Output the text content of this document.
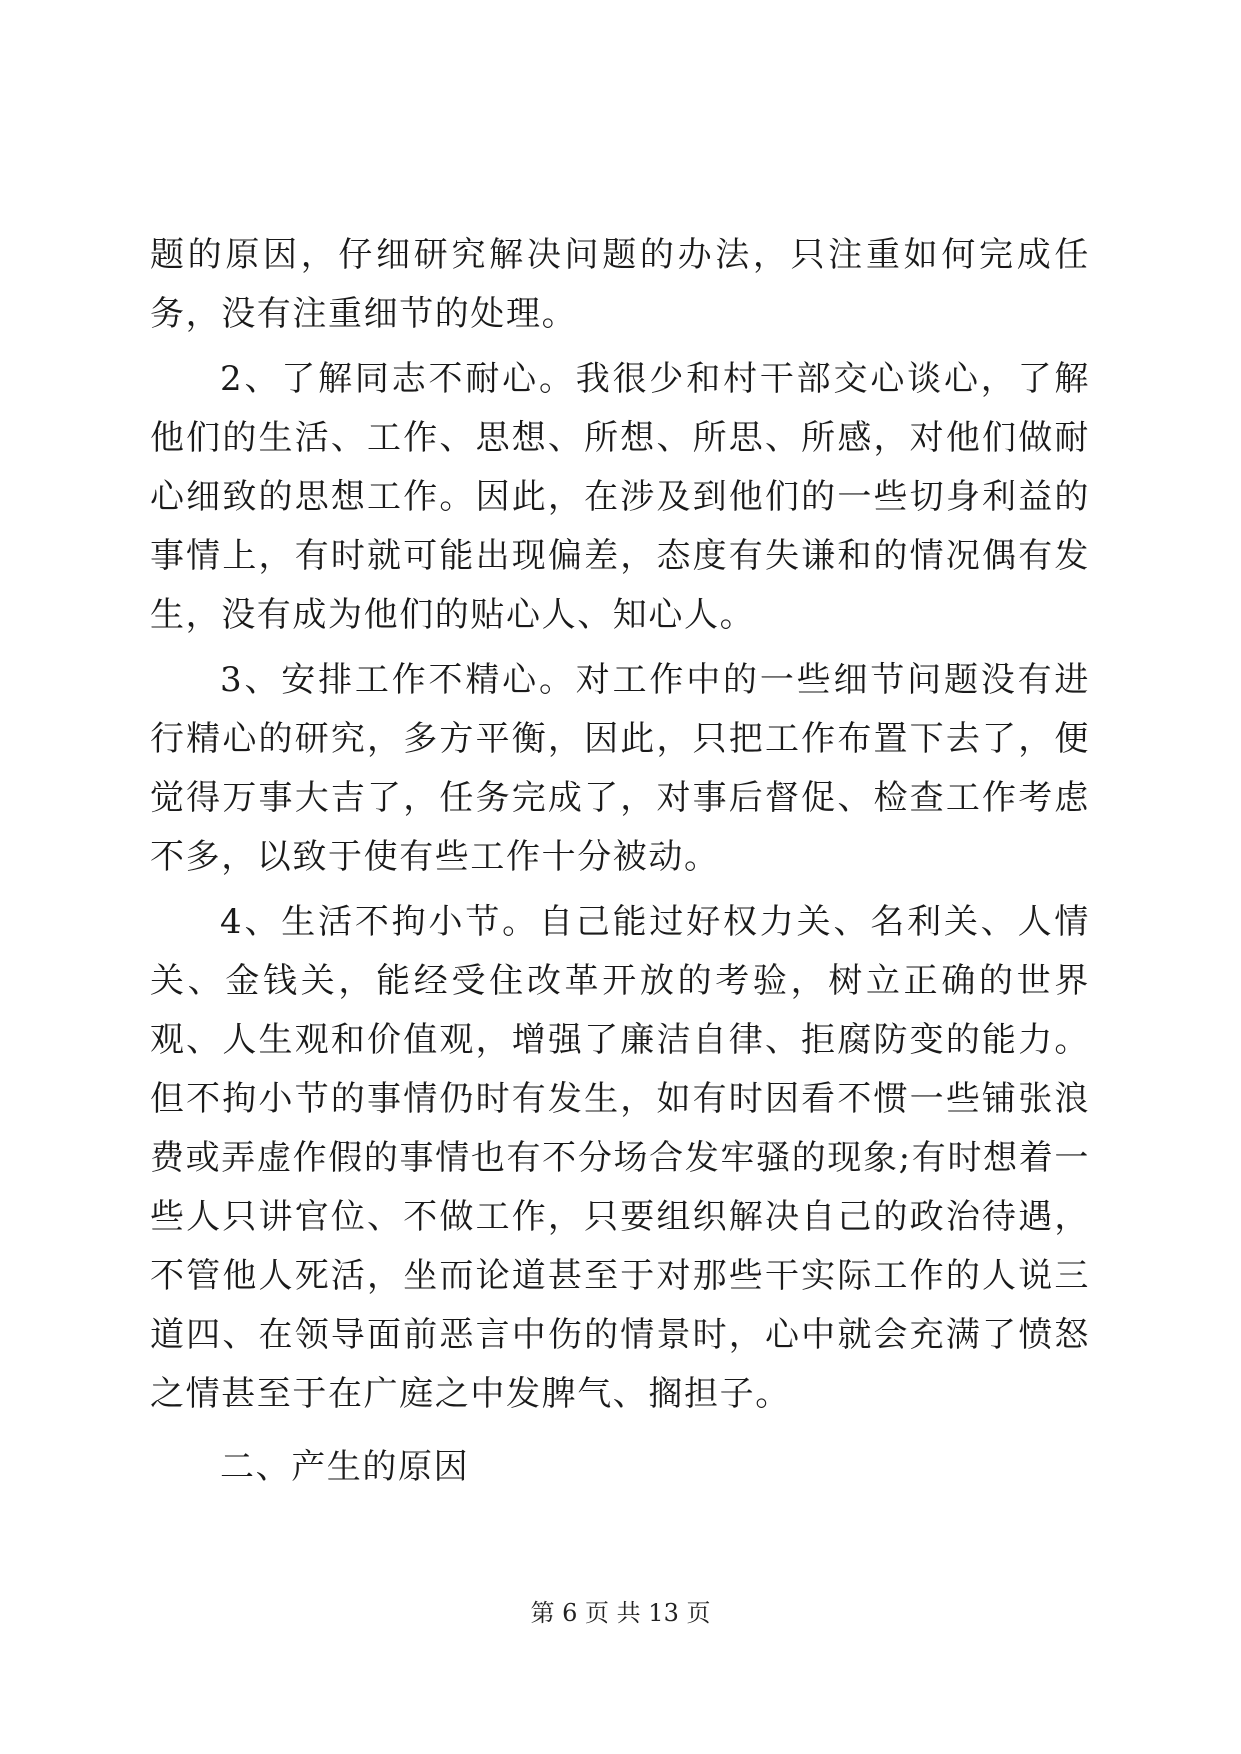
题的原因，仔细研究解决问题的办法，只注重如何完成任务，没有注重细节的处理。

2、了解同志不耐心。我很少和村干部交心谈心，了解他们的生活、工作、思想、所想、所思、所感，对他们做耐心细致的思想工作。因此，在涉及到他们的一些切身利益的事情上，有时就可能出现偏差，态度有失谦和的情况偶有发生，没有成为他们的贴心人、知心人。

3、安排工作不精心。对工作中的一些细节问题没有进行精心的研究，多方平衡，因此，只把工作布置下去了，便觉得万事大吉了，任务完成了，对事后督促、检查工作考虑不多，以致于使有些工作十分被动。

4、生活不拘小节。自己能过好权力关、名利关、人情关、金钱关，能经受住改革开放的考验，树立正确的世界观、人生观和价值观，增强了廉洁自律、拒腐防变的能力。但不拘小节的事情仍时有发生，如有时因看不惯一些铺张浪费或弄虚作假的事情也有不分场合发牢骚的现象;有时想着一些人只讲官位、不做工作，只要组织解决自己的政治待遇，不管他人死活，坐而论道甚至于对那些干实际工作的人说三道四、在领导面前恶言中伤的情景时，心中就会充满了愤怒之情甚至于在广庭之中发脾气、搁担子。

二、产生的原因

第 6 页 共 13 页
